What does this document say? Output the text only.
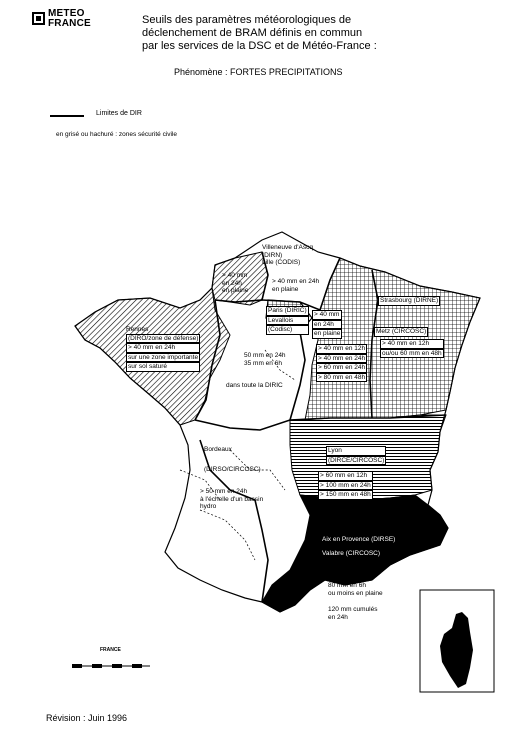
METEO
FRANCE	Seuils des paramètres météorologiques de
déclenchement de BRAM définis en commun
par les services de la DSC et de Météo-France :
Phénomène : FORTES PRECIPITATIONS
Limites de DIR
en grisé ou hachuré : zones sécurité civile
Villeneuve d'Ascq
(DIRN)
Lille (CODIS)
> 40 mm
en 24h
en plaine
> 40 mm en 24h
en plaine
Rennes
(DIRO/zone de défense)
> 40 mm en 24h
sur une zone importante
sur sol saturé
Paris (DIRIC)
Levallois
(Codisc)
50 mm en 24h
35 mm en 6h
dans toute la DIRIC
Strasbourg (DIRNE)
Metz (CIRCOSC)
> 40 mm en 12h
ou/ou 60 mm en 48h
> 40 mm
en 24h
en plaine
> 40 mm en 12h
> 40 mm en 24h
> 60 mm en 24h
> 80 mm en 48h
Lyon
(DIRCE/CIRCOSC)
> 60 mm en 12h
> 100 mm en 24h
> 150 mm en 48h
Bordeaux
(DIRSO/CIRCOSC)
> 50 mm en 24h
à l'échelle d'un bassin
hydro
Aix en Provence (DIRSE)
Valabre (CIRCOSC)
80 mm en 6h
ou moins en plaine
120 mm cumulés
en 24h
FRANCE
Révision : Juin 1996
